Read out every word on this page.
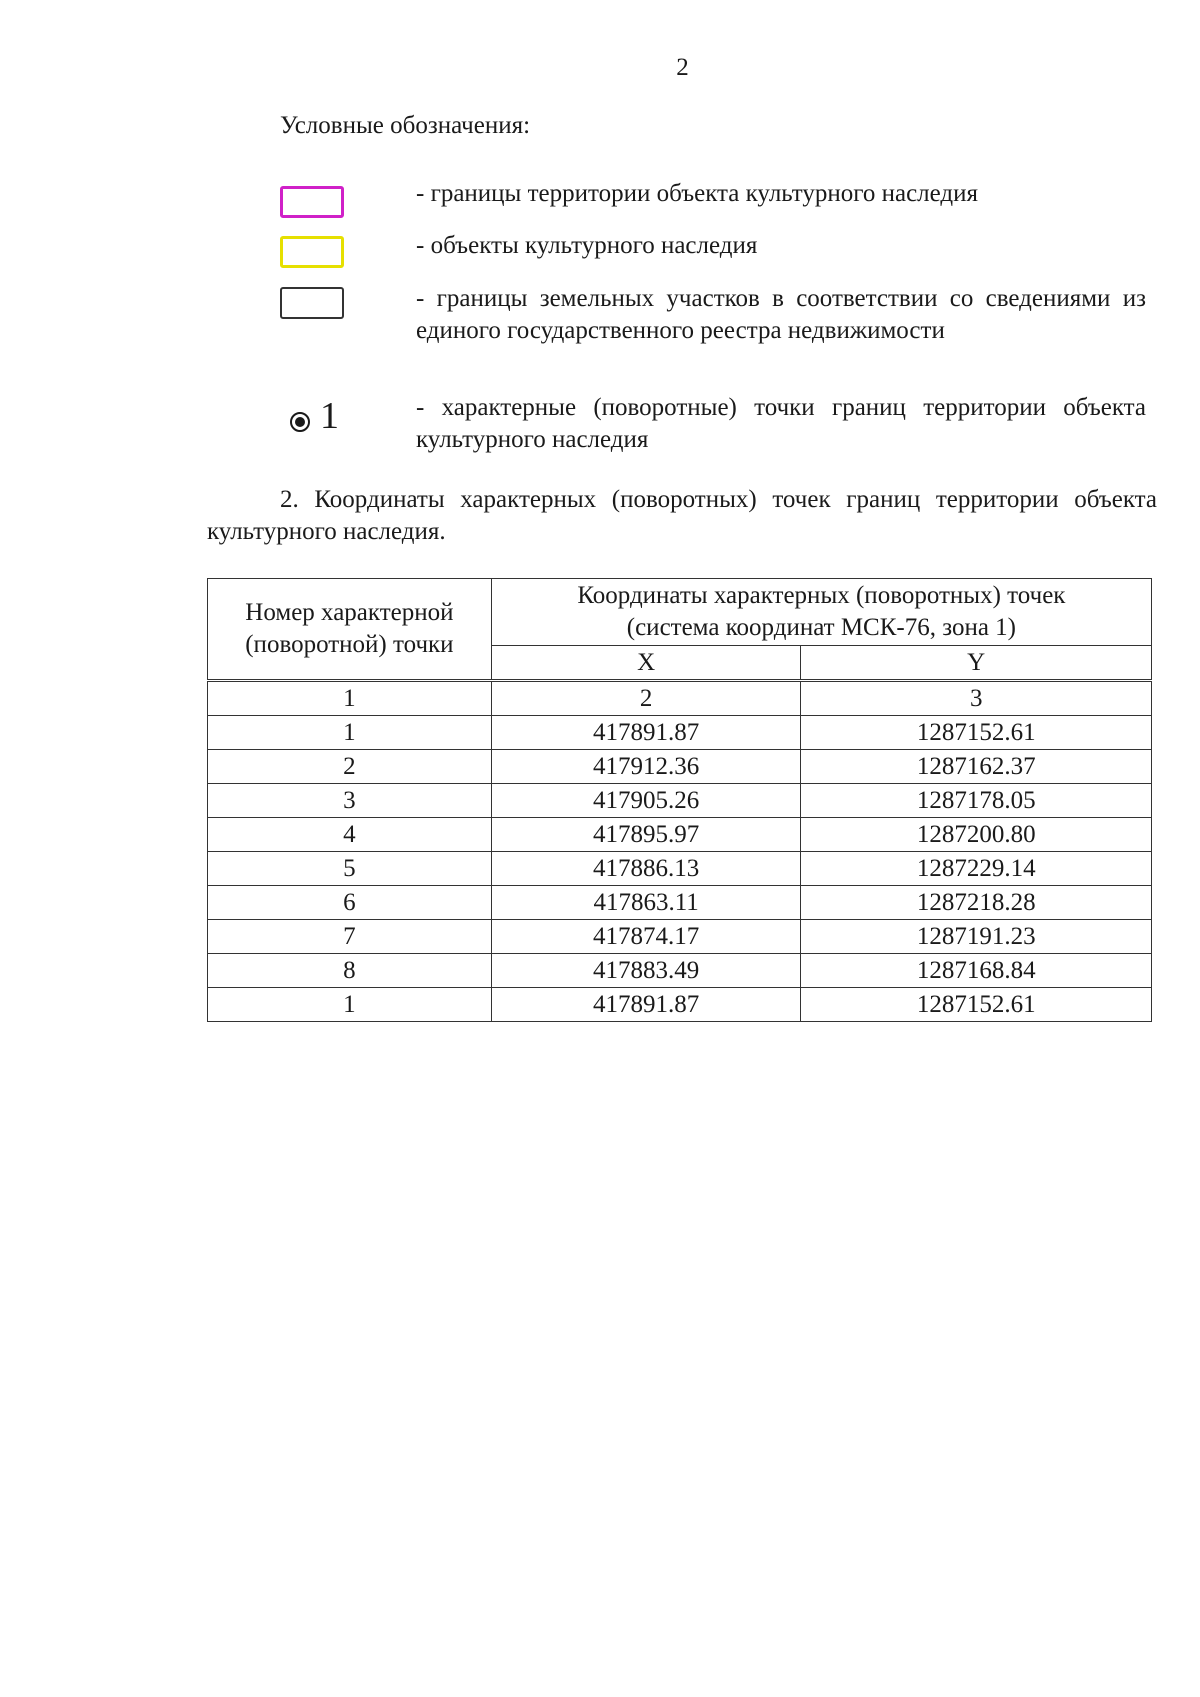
2
Условные обозначения:
- границы территории объекта культурного наследия
- объекты культурного наследия
- границы земельных участков в соответствии со сведениями из единого государственного реестра недвижимости
1	- характерные (поворотные) точки границ территории объекта культурного наследия
2. Координаты характерных (поворотных) точек границ территории объекта культурного наследия.
Номер характерной (поворотной) точки	Координаты характерных (поворотных) точек (система координат МСК-76, зона 1)	
	X	Y
1	2	3
1	417891.87	1287152.61
2	417912.36	1287162.37
3	417905.26	1287178.05
4	417895.97	1287200.80
5	417886.13	1287229.14
6	417863.11	1287218.28
7	417874.17	1287191.23
8	417883.49	1287168.84
1	417891.87	1287152.61
